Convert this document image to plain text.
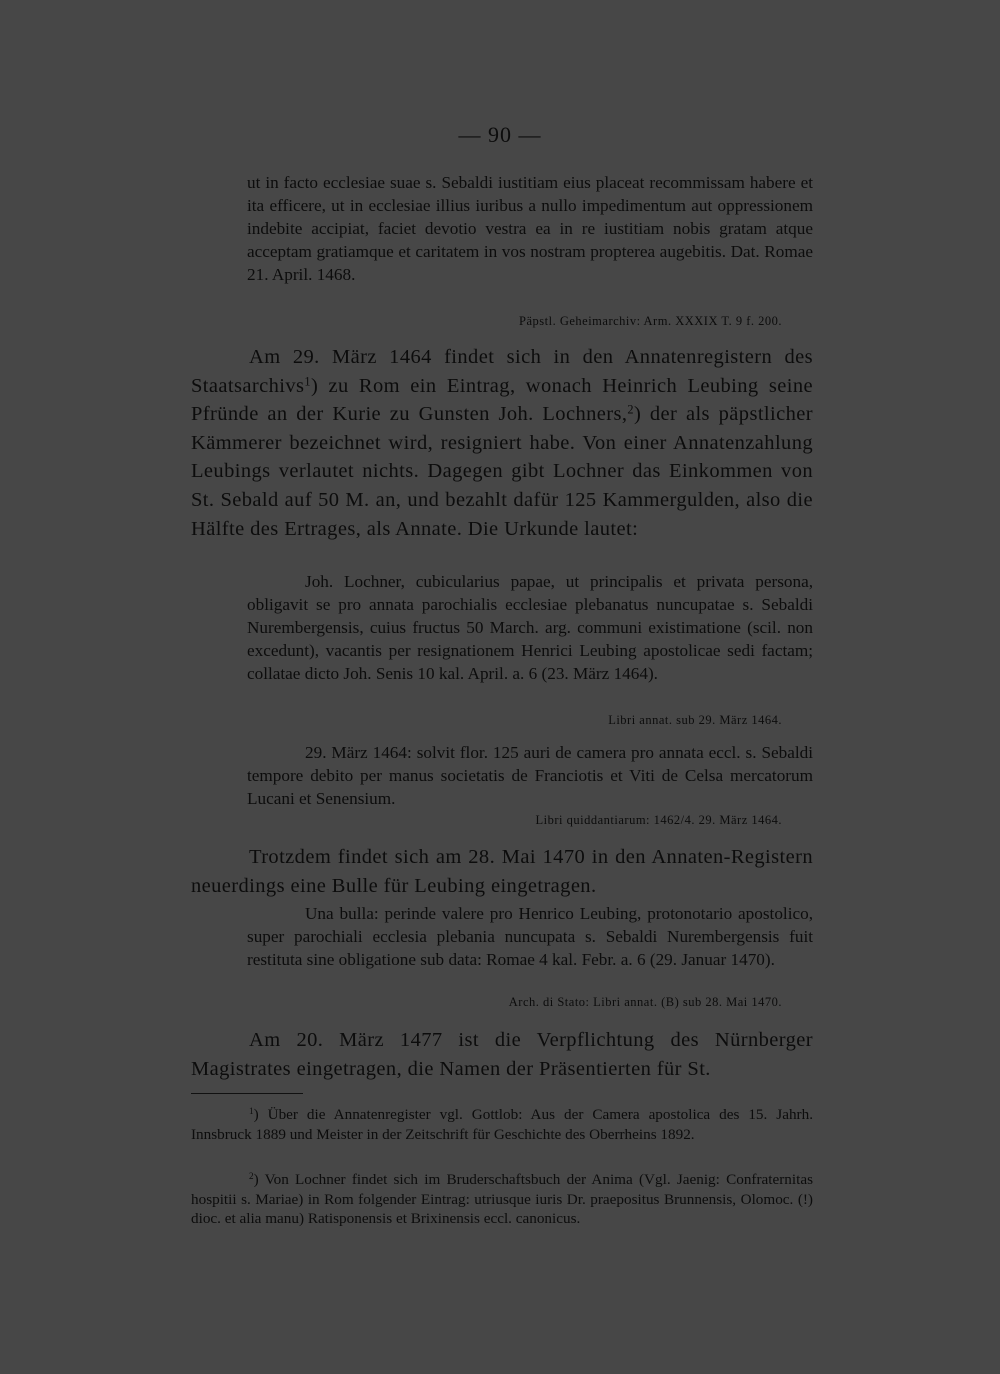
— 90 —
ut in facto ecclesiae suae s. Sebaldi iustitiam eius placeat recommissam habere et ita efficere, ut in ecclesiae illius iuribus a nullo impedimentum aut oppressionem indebite accipiat, faciet devotio vestra ea in re iustitiam nobis gratam atque acceptam gratiamque et caritatem in vos nostram propterea augebitis. Dat. Romae 21. April. 1468.
Päpstl. Geheimarchiv: Arm. XXXIX T. 9 f. 200.
Am 29. März 1464 findet sich in den Annatenregistern des Staatsarchivs$^1$) zu Rom ein Eintrag, wonach Heinrich Leubing seine Pfründe an der Kurie zu Gunsten Joh. Lochners,$^2$) der als päpstlicher Kämmerer bezeichnet wird, resigniert habe. Von einer Annatenzahlung Leubings verlautet nichts. Dagegen gibt Lochner das Einkommen von St. Sebald auf 50 M. an, und bezahlt dafür 125 Kammergulden, also die Hälfte des Ertrages, als Annate. Die Urkunde lautet:
Joh. Lochner, cubicularius papae, ut principalis et privata persona, obligavit se pro annata parochialis ecclesiae plebanatus nuncupatae s. Sebaldi Nurembergensis, cuius fructus 50 March. arg. communi existimatione (scil. non excedunt), vacantis per resignationem Henrici Leubing apostolicae sedi factam; collatae dicto Joh. Senis 10 kal. April. a. 6 (23. März 1464).
Libri annat. sub 29. März 1464.
29. März 1464: solvit flor. 125 auri de camera pro annata eccl. s. Sebaldi tempore debito per manus societatis de Franciotis et Viti de Celsa mercatorum Lucani et Senensium.
Libri quiddantiarum: 1462/4. 29. März 1464.
Trotzdem findet sich am 28. Mai 1470 in den Annaten-Registern neuerdings eine Bulle für Leubing eingetragen.
Una bulla: perinde valere pro Henrico Leubing, protonotario apostolico, super parochiali ecclesia plebania nuncupata s. Sebaldi Nurembergensis fuit restituta sine obligatione sub data: Romae 4 kal. Febr. a. 6 (29. Januar 1470).
Arch. di Stato: Libri annat. (B) sub 28. Mai 1470.
Am 20. März 1477 ist die Verpflichtung des Nürnberger Magistrates eingetragen, die Namen der Präsentierten für St.
$^1$) Über die Annatenregister vgl. Gottlob: Aus der Camera apostolica des 15. Jahrh. Innsbruck 1889 und Meister in der Zeitschrift für Geschichte des Oberrheins 1892.
$^2$) Von Lochner findet sich im Bruderschaftsbuch der Anima (Vgl. Jaenig: Confraternitas hospitii s. Mariae) in Rom folgender Eintrag: utriusque iuris Dr. praepositus Brunnensis, Olomoc. (!) dioc. et alia manu) Ratisponensis et Brixinensis eccl. canonicus.
